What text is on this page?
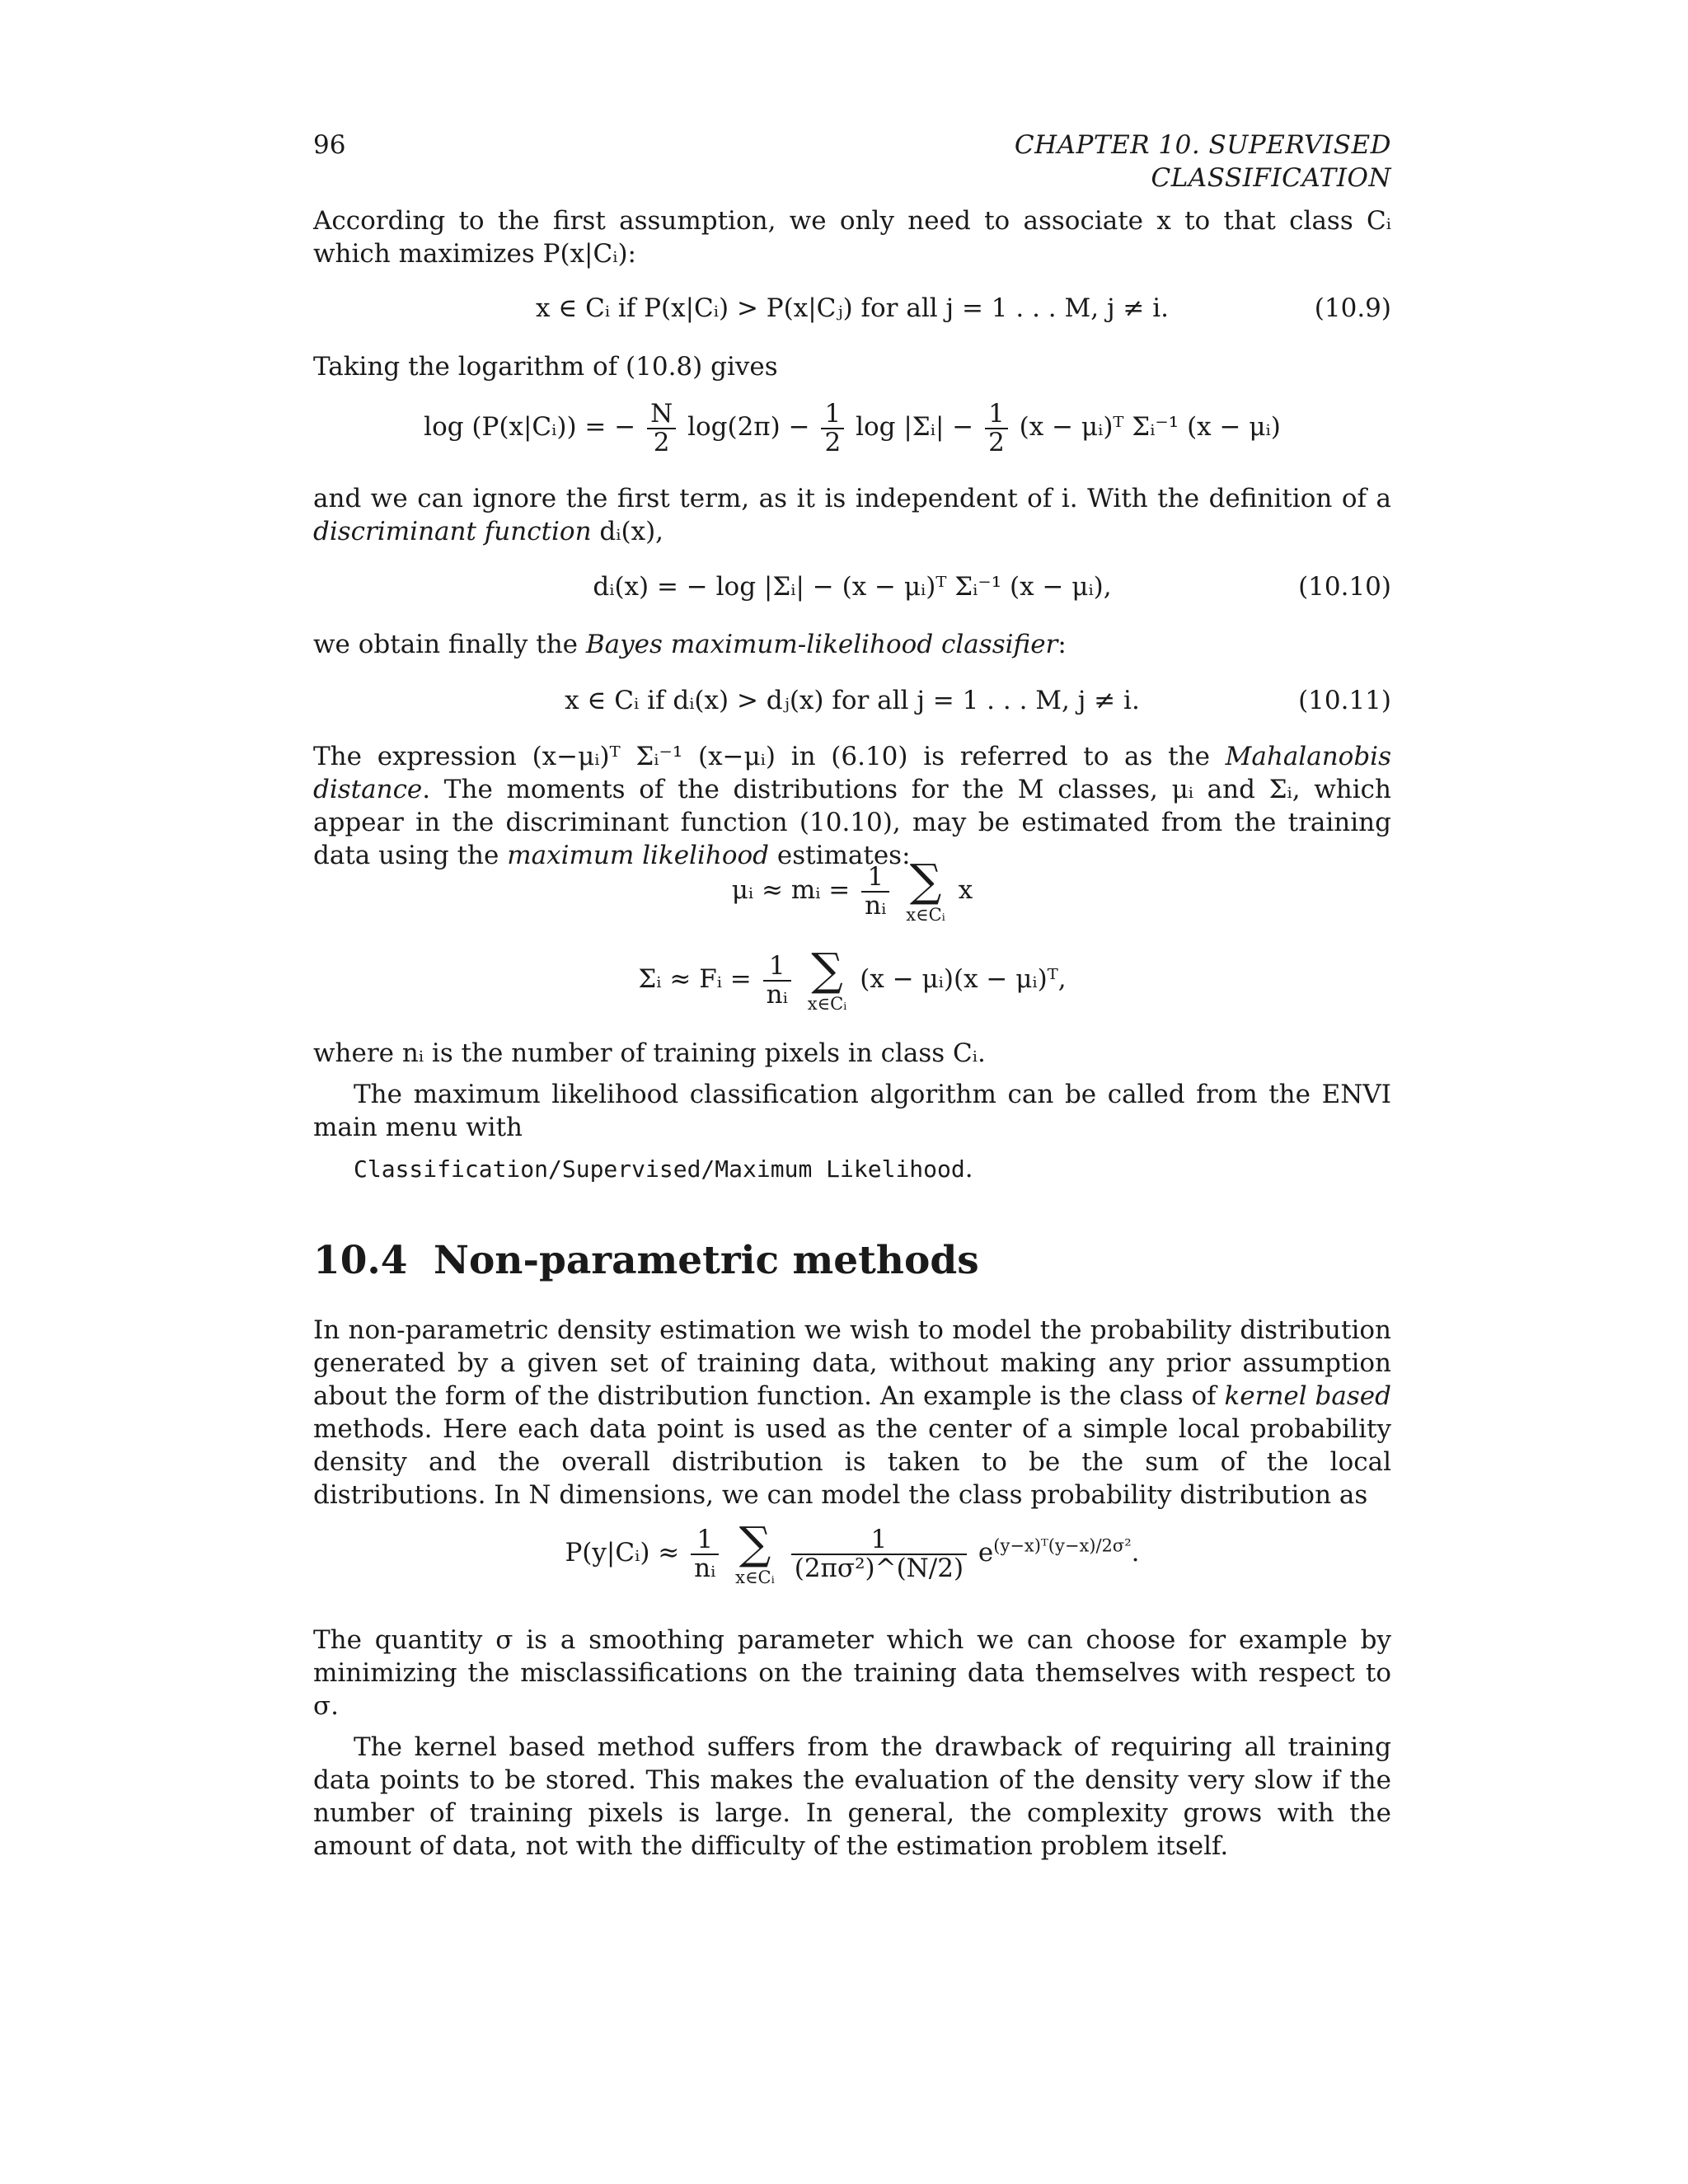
96	CHAPTER 10. SUPERVISED CLASSIFICATION

According to the first assumption, we only need to associate x to that class Cᵢ which maximizes P(x|Cᵢ):

x ∈ Cᵢ if P(x|Cᵢ) > P(x|Cⱼ) for all j = 1 . . . M, j ≠ i.	(10.9)

Taking the logarithm of (10.8) gives

log (P(x|Cᵢ)) = − $\frac{N}{2} \log(2\pi) - \frac{1}{2}$ log |Σᵢ| − $\frac{1}{2} (x$ − μᵢ)ᵀ Σᵢ⁻¹ (x − μᵢ)

and we can ignore the first term, as it is independent of i. With the definition of a discriminant function dᵢ(x),

dᵢ(x) = − log |Σᵢ| − (x − μᵢ)ᵀ Σᵢ⁻¹ (x − μᵢ),	(10.10)

we obtain finally the Bayes maximum-likelihood classifier:

x ∈ Cᵢ if dᵢ(x) > dⱼ(x) for all j = 1 . . . M, j ≠ i.	(10.11)

The expression (x−μᵢ)ᵀ Σᵢ⁻¹ (x−μᵢ) in (6.10) is referred to as the Mahalanobis distance. The moments of the distributions for the M classes, μᵢ and Σᵢ, which appear in the discriminant function (10.10), may be estimated from the training data using the maximum likelihood estimates:

μᵢ ≈ mᵢ = $\frac{1}{\text{nᵢ}}$
∑
x∈Cᵢ
x
Σᵢ ≈ Fᵢ = $\frac{1}{\text{nᵢ}}$
∑
x∈Cᵢ
(x − μᵢ)(x − μᵢ)ᵀ,

where nᵢ is the number of training pixels in class Cᵢ.

The maximum likelihood classification algorithm can be called from the ENVI main menu with

Classification/Supervised/Maximum Likelihood.

10.4 Non-parametric methods

In non-parametric density estimation we wish to model the probability distribution generated by a given set of training data, without making any prior assumption about the form of the distribution function. An example is the class of kernel based methods. Here each data point is used as the center of a simple local probability density and the overall distribution is taken to be the sum of the local distributions. In N dimensions, we can model the class probability distribution as

P(y|Cᵢ) ≈ $\frac{1}{\text{nᵢ}}$
∑
x∈Cᵢ
$\frac{1}{\text{(2πσ²)\textasciicircum{}(N/2)}} e^{(y-x)ᵀ(y-x)/2\sigma^2}$.

The quantity σ is a smoothing parameter which we can choose for example by minimizing the misclassifications on the training data themselves with respect to σ.

The kernel based method suffers from the drawback of requiring all training data points to be stored. This makes the evaluation of the density very slow if the number of training pixels is large. In general, the complexity grows with the amount of data, not with the difficulty of the estimation problem itself.
